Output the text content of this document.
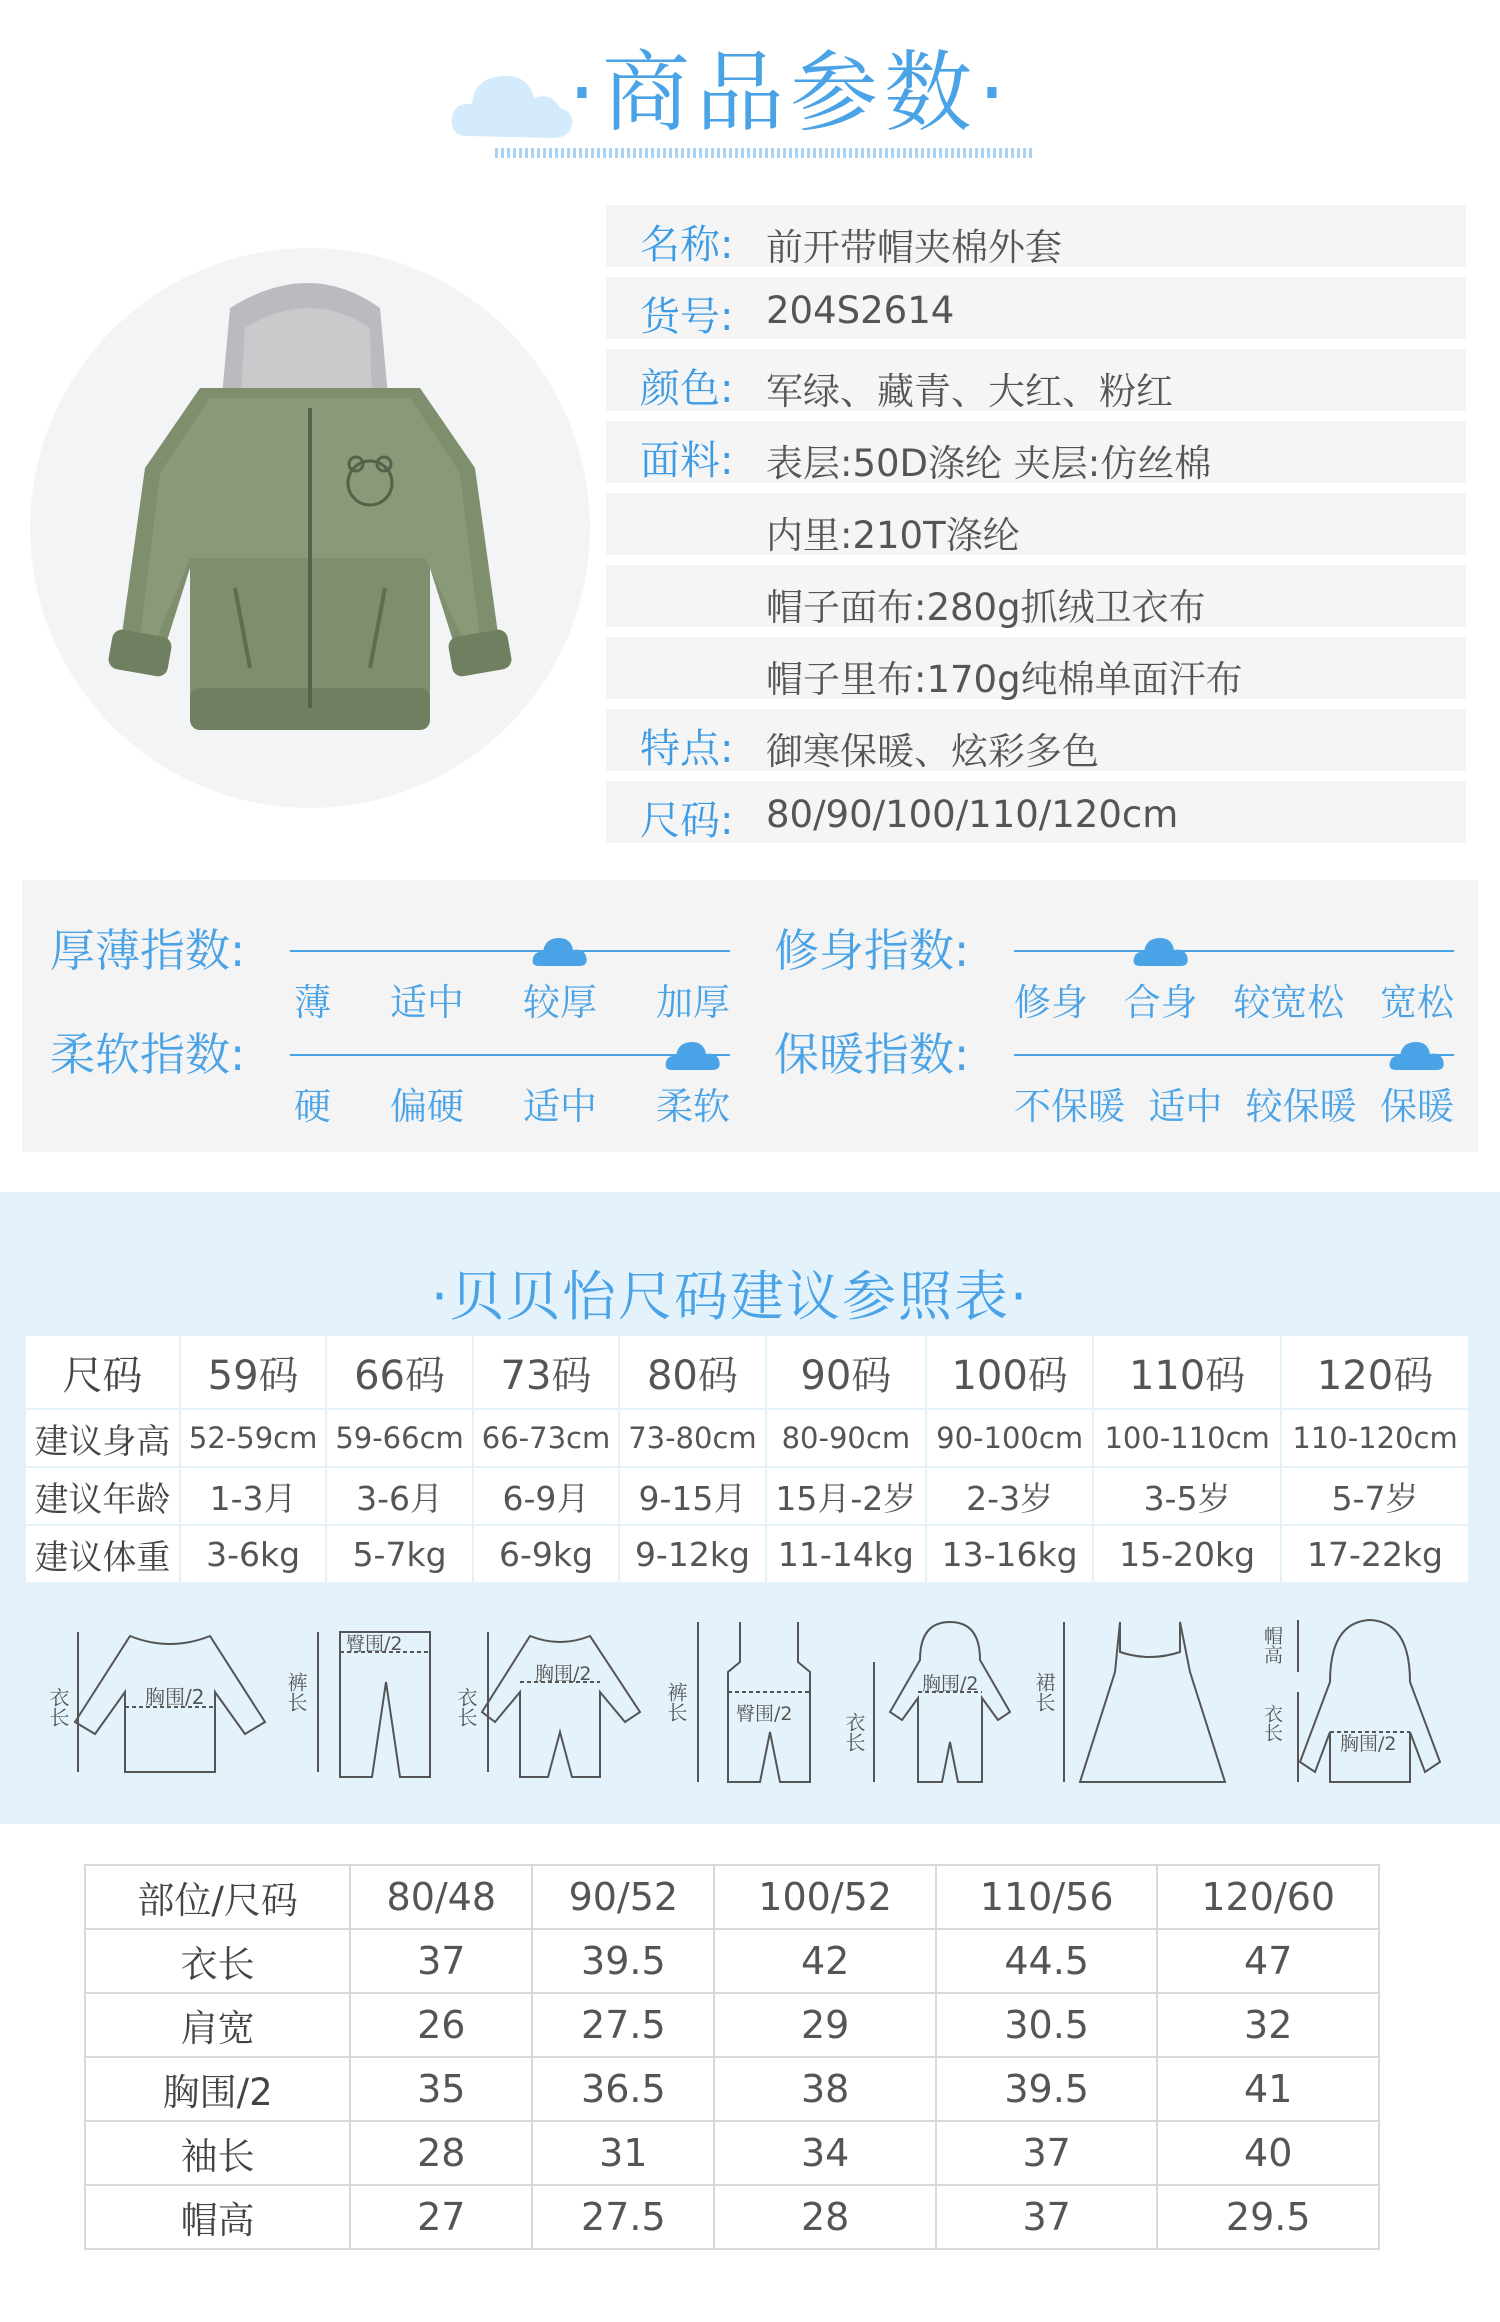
·商品参数·
名称: 前开带帽夹棉外套
货号: 204S2614
颜色: 军绿、藏青、大红、粉红
面料: 表层:50D涤纶 夹层:仿丝棉
内里:210T涤纶
帽子面布:280g抓绒卫衣布
帽子里布:170g纯棉单面汗布
特点: 御寒保暖、炫彩多色
尺码: 80/90/100/110/120cm
厚薄指数:
薄 适中 较厚 加厚
修身指数:
修身 合身 较宽松 宽松
柔软指数:
硬 偏硬 适中 柔软
保暖指数:
不保暖 适中 较保暖 保暖
·贝贝怡尺码建议参照表·
尺码	59码	66码	73码	80码	90码	100码	110码	120码
建议身高	52-59cm	59-66cm	66-73cm	73-80cm	80-90cm	90-100cm	100-110cm	110-120cm
建议年龄	1-3月	3-6月	6-9月	9-15月	15月-2岁	2-3岁	3-5岁	5-7岁
建议体重	3-6kg	5-7kg	6-9kg	9-12kg	11-14kg	13-16kg	15-20kg	17-22kg
衣长	胸围/2	裤长
臀围/2
衣长
胸围/2
裤长	臀围/2 衣长
胸围/2	裙长
帽高
衣长
胸围/2
部位/尺码	80/48	90/52	100/52	110/56	120/60
衣长	37	39.5	42	44.5	47
肩宽	26	27.5	29	30.5	32
胸围/2	35	36.5	38	39.5	41
袖长	28	31	34	37	40
帽高	27	27.5	28	37	29.5
